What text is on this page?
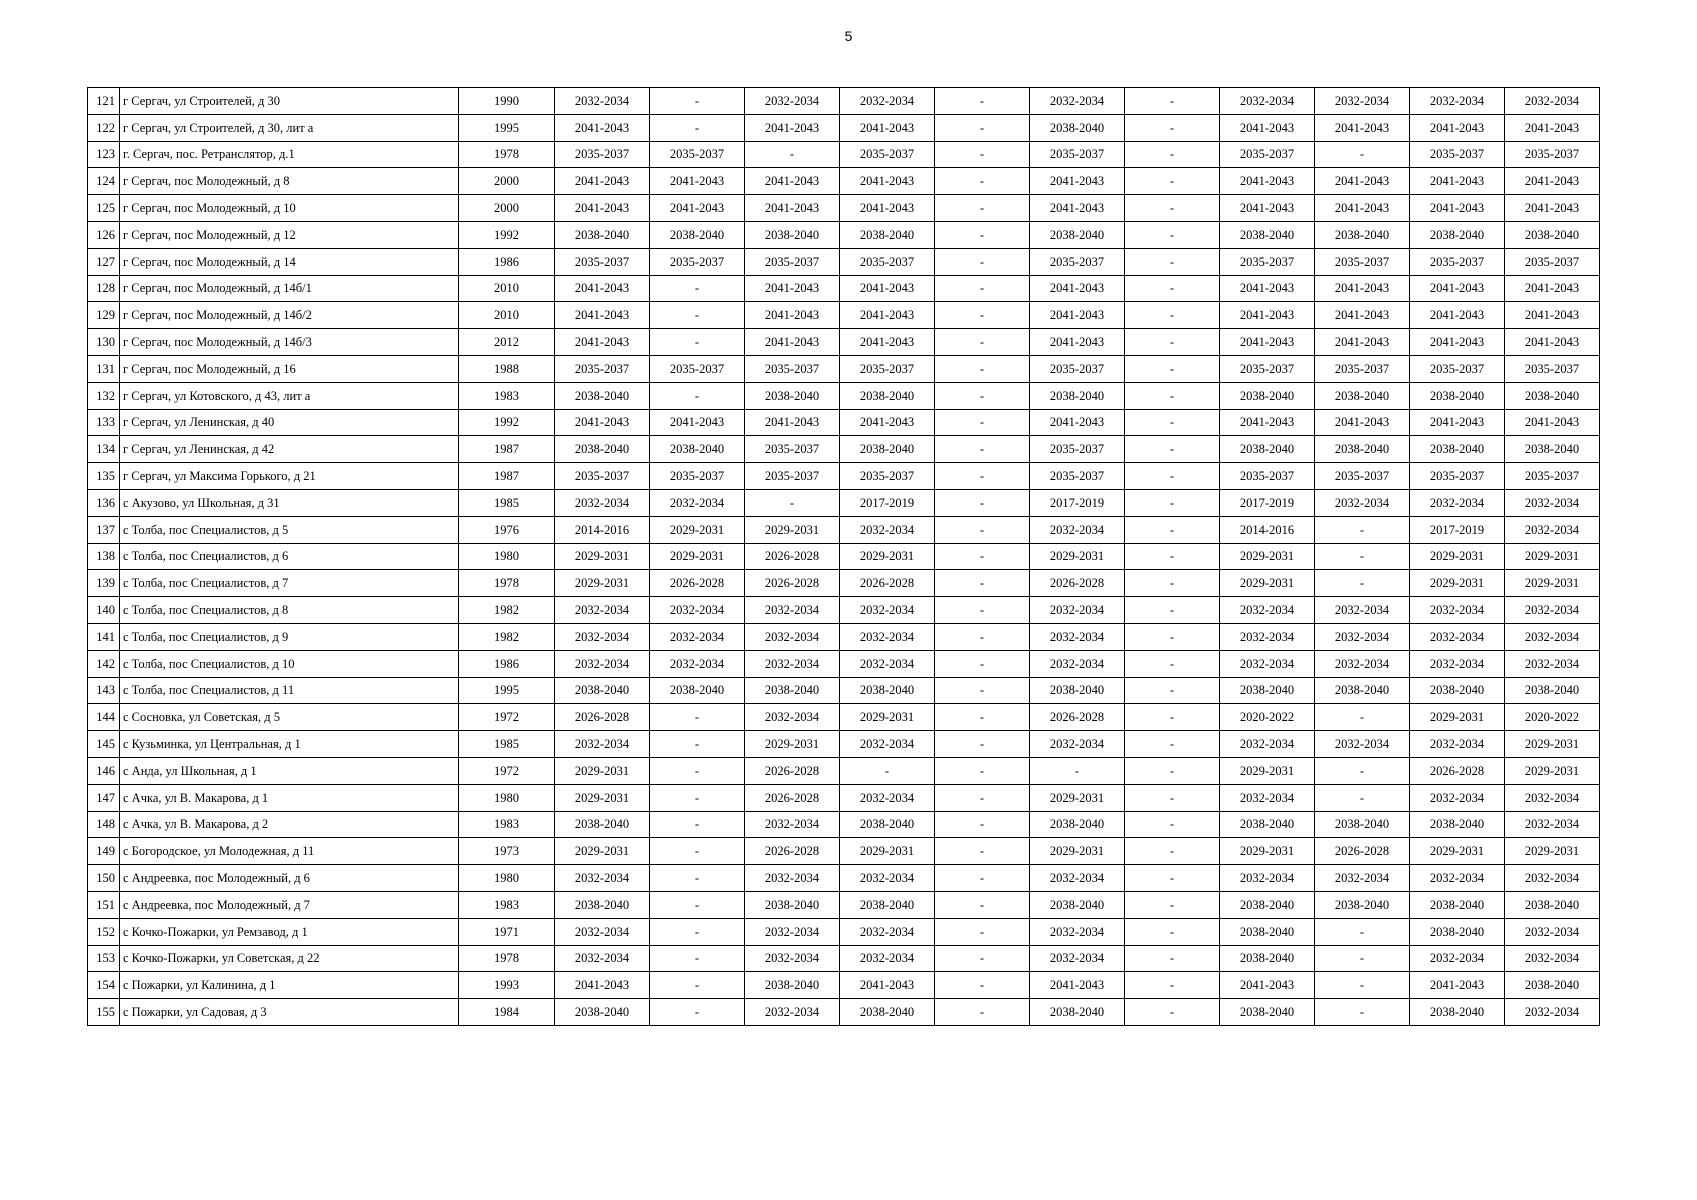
5
121	г Сергач, ул Строителей, д 30	1990	2032-2034	-	2032-2034	2032-2034	-	2032-2034	-	2032-2034	2032-2034	2032-2034	2032-2034
122	г Сергач, ул Строителей, д 30, лит а	1995	2041-2043	-	2041-2043	2041-2043	-	2038-2040	-	2041-2043	2041-2043	2041-2043	2041-2043
123	г. Сергач, пос. Ретранслятор, д.1	1978	2035-2037	2035-2037	-	2035-2037	-	2035-2037	-	2035-2037	-	2035-2037	2035-2037
124	г Сергач, пос Молодежный, д 8	2000	2041-2043	2041-2043	2041-2043	2041-2043	-	2041-2043	-	2041-2043	2041-2043	2041-2043	2041-2043
125	г Сергач, пос Молодежный, д 10	2000	2041-2043	2041-2043	2041-2043	2041-2043	-	2041-2043	-	2041-2043	2041-2043	2041-2043	2041-2043
126	г Сергач, пос Молодежный, д 12	1992	2038-2040	2038-2040	2038-2040	2038-2040	-	2038-2040	-	2038-2040	2038-2040	2038-2040	2038-2040
127	г Сергач, пос Молодежный, д 14	1986	2035-2037	2035-2037	2035-2037	2035-2037	-	2035-2037	-	2035-2037	2035-2037	2035-2037	2035-2037
128	г Сергач, пос Молодежный, д 14б/1	2010	2041-2043	-	2041-2043	2041-2043	-	2041-2043	-	2041-2043	2041-2043	2041-2043	2041-2043
129	г Сергач, пос Молодежный, д 14б/2	2010	2041-2043	-	2041-2043	2041-2043	-	2041-2043	-	2041-2043	2041-2043	2041-2043	2041-2043
130	г Сергач, пос Молодежный, д 14б/3	2012	2041-2043	-	2041-2043	2041-2043	-	2041-2043	-	2041-2043	2041-2043	2041-2043	2041-2043
131	г Сергач, пос Молодежный, д 16	1988	2035-2037	2035-2037	2035-2037	2035-2037	-	2035-2037	-	2035-2037	2035-2037	2035-2037	2035-2037
132	г Сергач, ул Котовского, д 43, лит а	1983	2038-2040	-	2038-2040	2038-2040	-	2038-2040	-	2038-2040	2038-2040	2038-2040	2038-2040
133	г Сергач, ул Ленинская, д 40	1992	2041-2043	2041-2043	2041-2043	2041-2043	-	2041-2043	-	2041-2043	2041-2043	2041-2043	2041-2043
134	г Сергач, ул Ленинская, д 42	1987	2038-2040	2038-2040	2035-2037	2038-2040	-	2035-2037	-	2038-2040	2038-2040	2038-2040	2038-2040
135	г Сергач, ул Максима Горького, д 21	1987	2035-2037	2035-2037	2035-2037	2035-2037	-	2035-2037	-	2035-2037	2035-2037	2035-2037	2035-2037
136	с Акузово, ул Школьная, д 31	1985	2032-2034	2032-2034	-	2017-2019	-	2017-2019	-	2017-2019	2032-2034	2032-2034	2032-2034
137	с Толба, пос Специалистов, д 5	1976	2014-2016	2029-2031	2029-2031	2032-2034	-	2032-2034	-	2014-2016	-	2017-2019	2032-2034
138	с Толба, пос Специалистов, д 6	1980	2029-2031	2029-2031	2026-2028	2029-2031	-	2029-2031	-	2029-2031	-	2029-2031	2029-2031
139	с Толба, пос Специалистов, д 7	1978	2029-2031	2026-2028	2026-2028	2026-2028	-	2026-2028	-	2029-2031	-	2029-2031	2029-2031
140	с Толба, пос Специалистов, д 8	1982	2032-2034	2032-2034	2032-2034	2032-2034	-	2032-2034	-	2032-2034	2032-2034	2032-2034	2032-2034
141	с Толба, пос Специалистов, д 9	1982	2032-2034	2032-2034	2032-2034	2032-2034	-	2032-2034	-	2032-2034	2032-2034	2032-2034	2032-2034
142	с Толба, пос Специалистов, д 10	1986	2032-2034	2032-2034	2032-2034	2032-2034	-	2032-2034	-	2032-2034	2032-2034	2032-2034	2032-2034
143	с Толба, пос Специалистов, д 11	1995	2038-2040	2038-2040	2038-2040	2038-2040	-	2038-2040	-	2038-2040	2038-2040	2038-2040	2038-2040
144	с Сосновка, ул Советская, д 5	1972	2026-2028	-	2032-2034	2029-2031	-	2026-2028	-	2020-2022	-	2029-2031	2020-2022
145	с Кузьминка, ул Центральная, д 1	1985	2032-2034	-	2029-2031	2032-2034	-	2032-2034	-	2032-2034	2032-2034	2032-2034	2029-2031
146	с Анда, ул Школьная, д 1	1972	2029-2031	-	2026-2028	-	-	-	-	2029-2031	-	2026-2028	2029-2031
147	с Ачка, ул В. Макарова, д 1	1980	2029-2031	-	2026-2028	2032-2034	-	2029-2031	-	2032-2034	-	2032-2034	2032-2034
148	с Ачка, ул В. Макарова, д 2	1983	2038-2040	-	2032-2034	2038-2040	-	2038-2040	-	2038-2040	2038-2040	2038-2040	2032-2034
149	с Богородское, ул Молодежная, д 11	1973	2029-2031	-	2026-2028	2029-2031	-	2029-2031	-	2029-2031	2026-2028	2029-2031	2029-2031
150	с Андреевка, пос Молодежный, д 6	1980	2032-2034	-	2032-2034	2032-2034	-	2032-2034	-	2032-2034	2032-2034	2032-2034	2032-2034
151	с Андреевка, пос Молодежный, д 7	1983	2038-2040	-	2038-2040	2038-2040	-	2038-2040	-	2038-2040	2038-2040	2038-2040	2038-2040
152	с Кочко-Пожарки, ул Ремзавод, д 1	1971	2032-2034	-	2032-2034	2032-2034	-	2032-2034	-	2038-2040	-	2038-2040	2032-2034
153	с Кочко-Пожарки, ул Советская, д 22	1978	2032-2034	-	2032-2034	2032-2034	-	2032-2034	-	2038-2040	-	2032-2034	2032-2034
154	с Пожарки, ул Калинина, д 1	1993	2041-2043	-	2038-2040	2041-2043	-	2041-2043	-	2041-2043	-	2041-2043	2038-2040
155	с Пожарки, ул Садовая, д 3	1984	2038-2040	-	2032-2034	2038-2040	-	2038-2040	-	2038-2040	-	2038-2040	2032-2034
